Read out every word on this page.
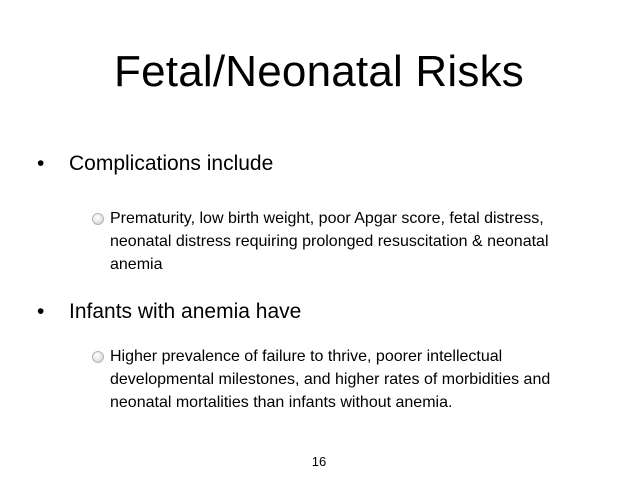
Fetal/Neonatal Risks
•	Complications include
Prematurity, low birth weight, poor Apgar score, fetal distress, neonatal distress requiring prolonged resuscitation & neonatal anemia
•	Infants with anemia have
Higher prevalence of failure to thrive, poorer intellectual developmental milestones, and higher rates of morbidities and neonatal mortalities than infants without anemia.
16
